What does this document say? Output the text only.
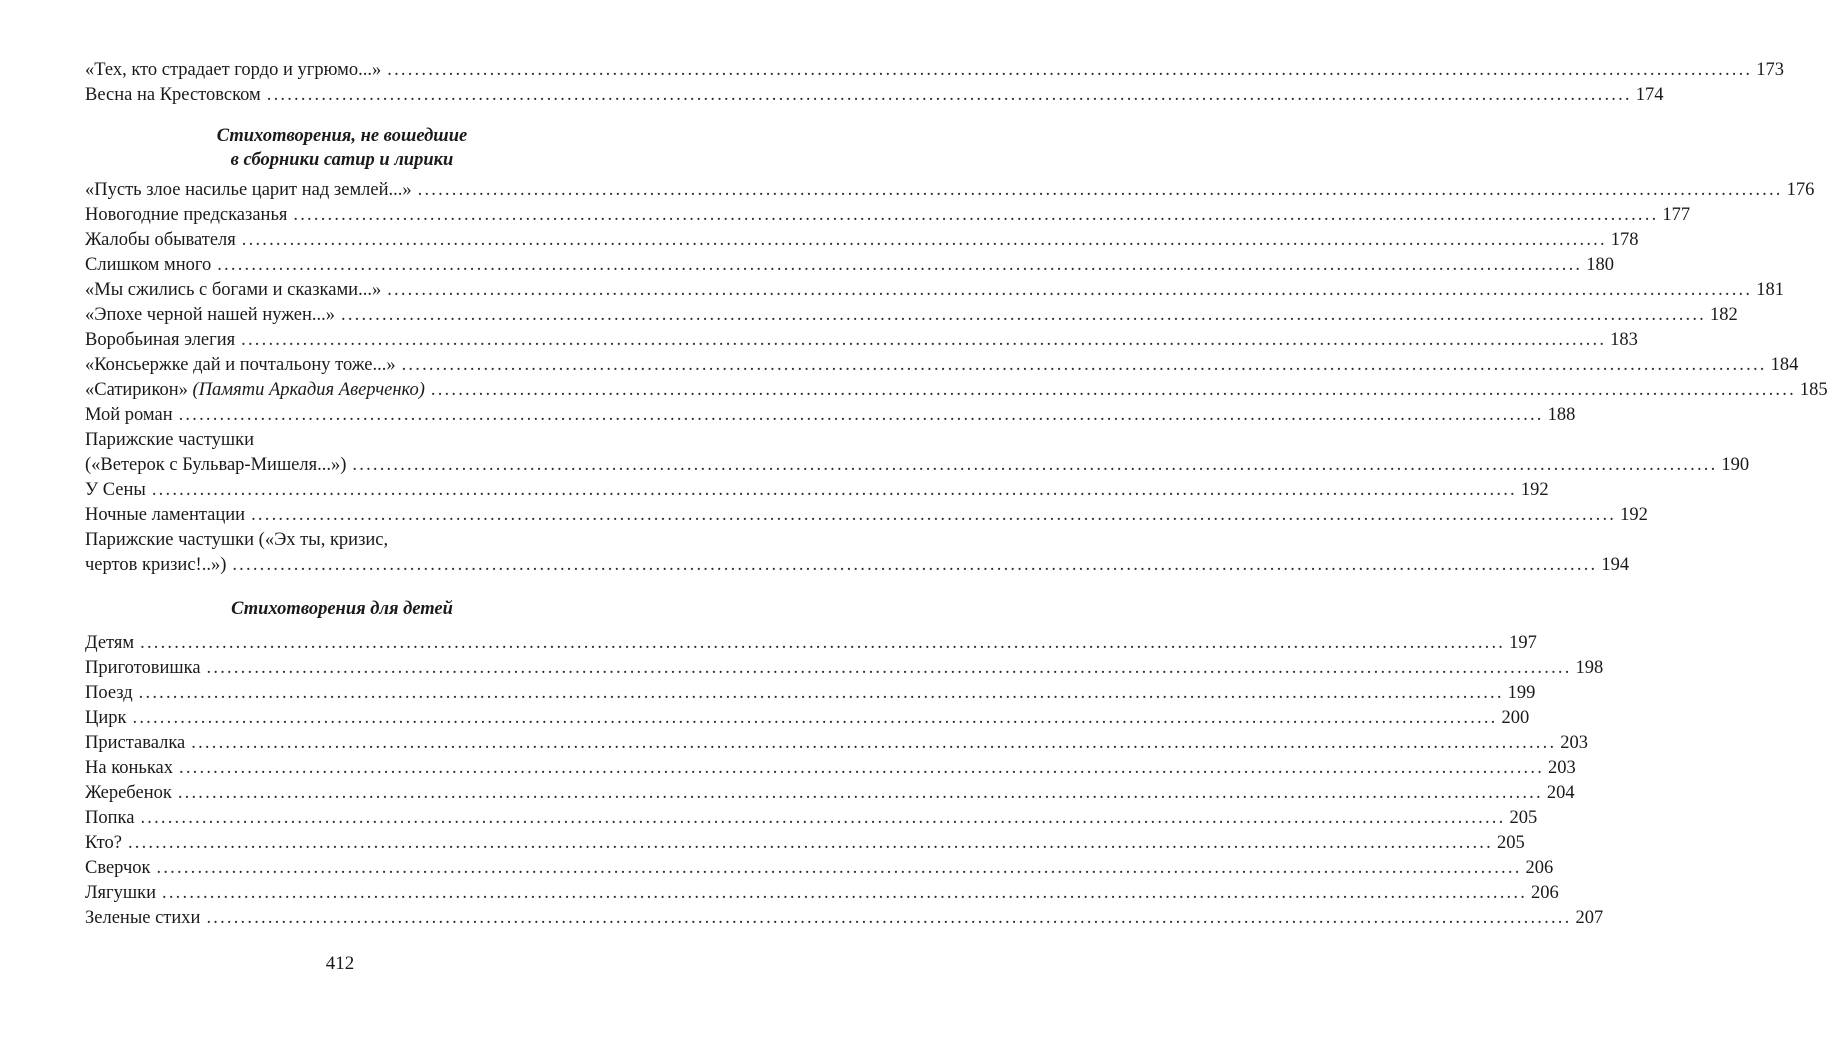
«Тех, кто страдает гордо и угрюмо...» ........................................................................................................................................................................................................ 173
Весна на Крестовском ........................................................................................................................................................................................................ 174
Стихотворения, не вошедшие
в сборники сатир и лирики
«Пусть злое насилье царит над землей...» ........................................................................................................................................................................................................ 176
Новогодние предсказанья ........................................................................................................................................................................................................ 177
Жалобы обывателя ........................................................................................................................................................................................................ 178
Слишком много ........................................................................................................................................................................................................ 180
«Мы сжились с богами и сказками...» ........................................................................................................................................................................................................ 181
«Эпохе черной нашей нужен...» ........................................................................................................................................................................................................ 182
Воробьиная элегия ........................................................................................................................................................................................................ 183
«Консьержке дай и почтальону тоже...» ........................................................................................................................................................................................................ 184
«Сатирикон» (Памяти Аркадия Аверченко) ........................................................................................................................................................................................................ 185
Мой роман ........................................................................................................................................................................................................ 188
Парижские частушки
(«Ветерок с Бульвар-Мишеля...») ........................................................................................................................................................................................................ 190
У Сены ........................................................................................................................................................................................................ 192
Ночные ламентации ........................................................................................................................................................................................................ 192
Парижские частушки («Эх ты, кризис,
чертов кризис!..») ........................................................................................................................................................................................................ 194
Стихотворения для детей
Детям ........................................................................................................................................................................................................ 197
Приготовишка ........................................................................................................................................................................................................ 198
Поезд ........................................................................................................................................................................................................ 199
Цирк ........................................................................................................................................................................................................ 200
Приставалка ........................................................................................................................................................................................................ 203
На коньках ........................................................................................................................................................................................................ 203
Жеребенок ........................................................................................................................................................................................................ 204
Попка ........................................................................................................................................................................................................ 205
Кто? ........................................................................................................................................................................................................ 205
Сверчок ........................................................................................................................................................................................................ 206
Лягушки ........................................................................................................................................................................................................ 206
Зеленые стихи ........................................................................................................................................................................................................ 207
412
